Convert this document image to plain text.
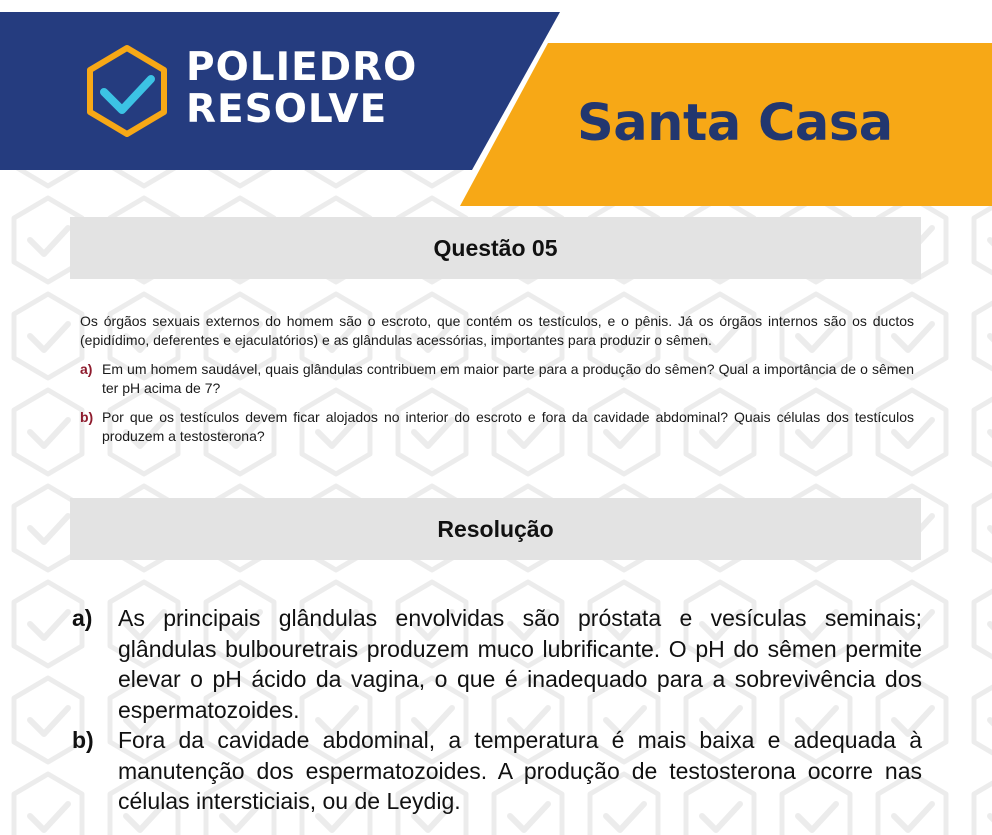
POLIEDRO
RESOLVE	Santa Casa
Questão 05

Os órgãos sexuais externos do homem são o escroto, que contém os testículos, e o pênis. Já os órgãos internos são os ductos (epidídimo, deferentes e ejaculatórios) e as glândulas acessórias, importantes para produzir o sêmen.

a) Em um homem saudável, quais glândulas contribuem em maior parte para a produção do sêmen? Qual a importância de o sêmen ter pH acima de 7?
b) Por que os testículos devem ficar alojados no interior do escroto e fora da cavidade abdominal? Quais células dos testículos produzem a testosterona?
Resolução
a)	As principais glândulas envolvidas são próstata e vesículas seminais; glândulas bulbouretrais produzem muco lubrificante. O pH do sêmen permite elevar o pH ácido da vagina, o que é inadequado para a sobrevivência dos espermatozoides.
b)	Fora da cavidade abdominal, a temperatura é mais baixa e adequada à manutenção dos espermatozoides. A produção de testosterona ocorre nas células intersticiais, ou de Leydig.
